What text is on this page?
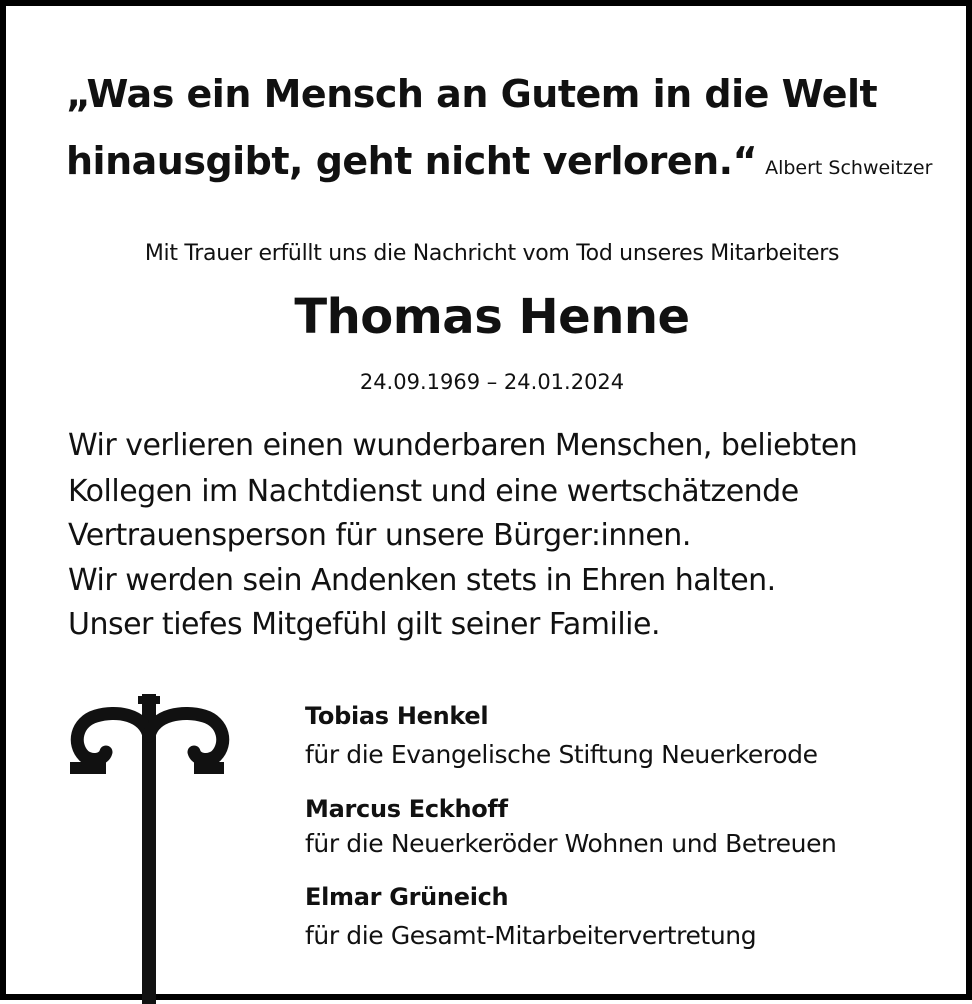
„Was ein Mensch an Gutem in die Welt

hinausgibt, geht nicht verloren.“ Albert Schweitzer

Mit Trauer erfüllt uns die Nachricht vom Tod unseres Mitarbeiters

Thomas Henne

24.09.1969 – 24.01.2024

Wir verlieren einen wunderbaren Menschen, beliebten

Kollegen im Nachtdienst und eine wertschätzende

Vertrauensperson für unsere Bürger:innen.

Wir werden sein Andenken stets in Ehren halten.

Unser tiefes Mitgefühl gilt seiner Familie.

Tobias Henkel

für die Evangelische Stiftung Neuerkerode

Marcus Eckhoff

für die Neuerkeröder Wohnen und Betreuen

Elmar Grüneich

für die Gesamt-Mitarbeitervertretung
